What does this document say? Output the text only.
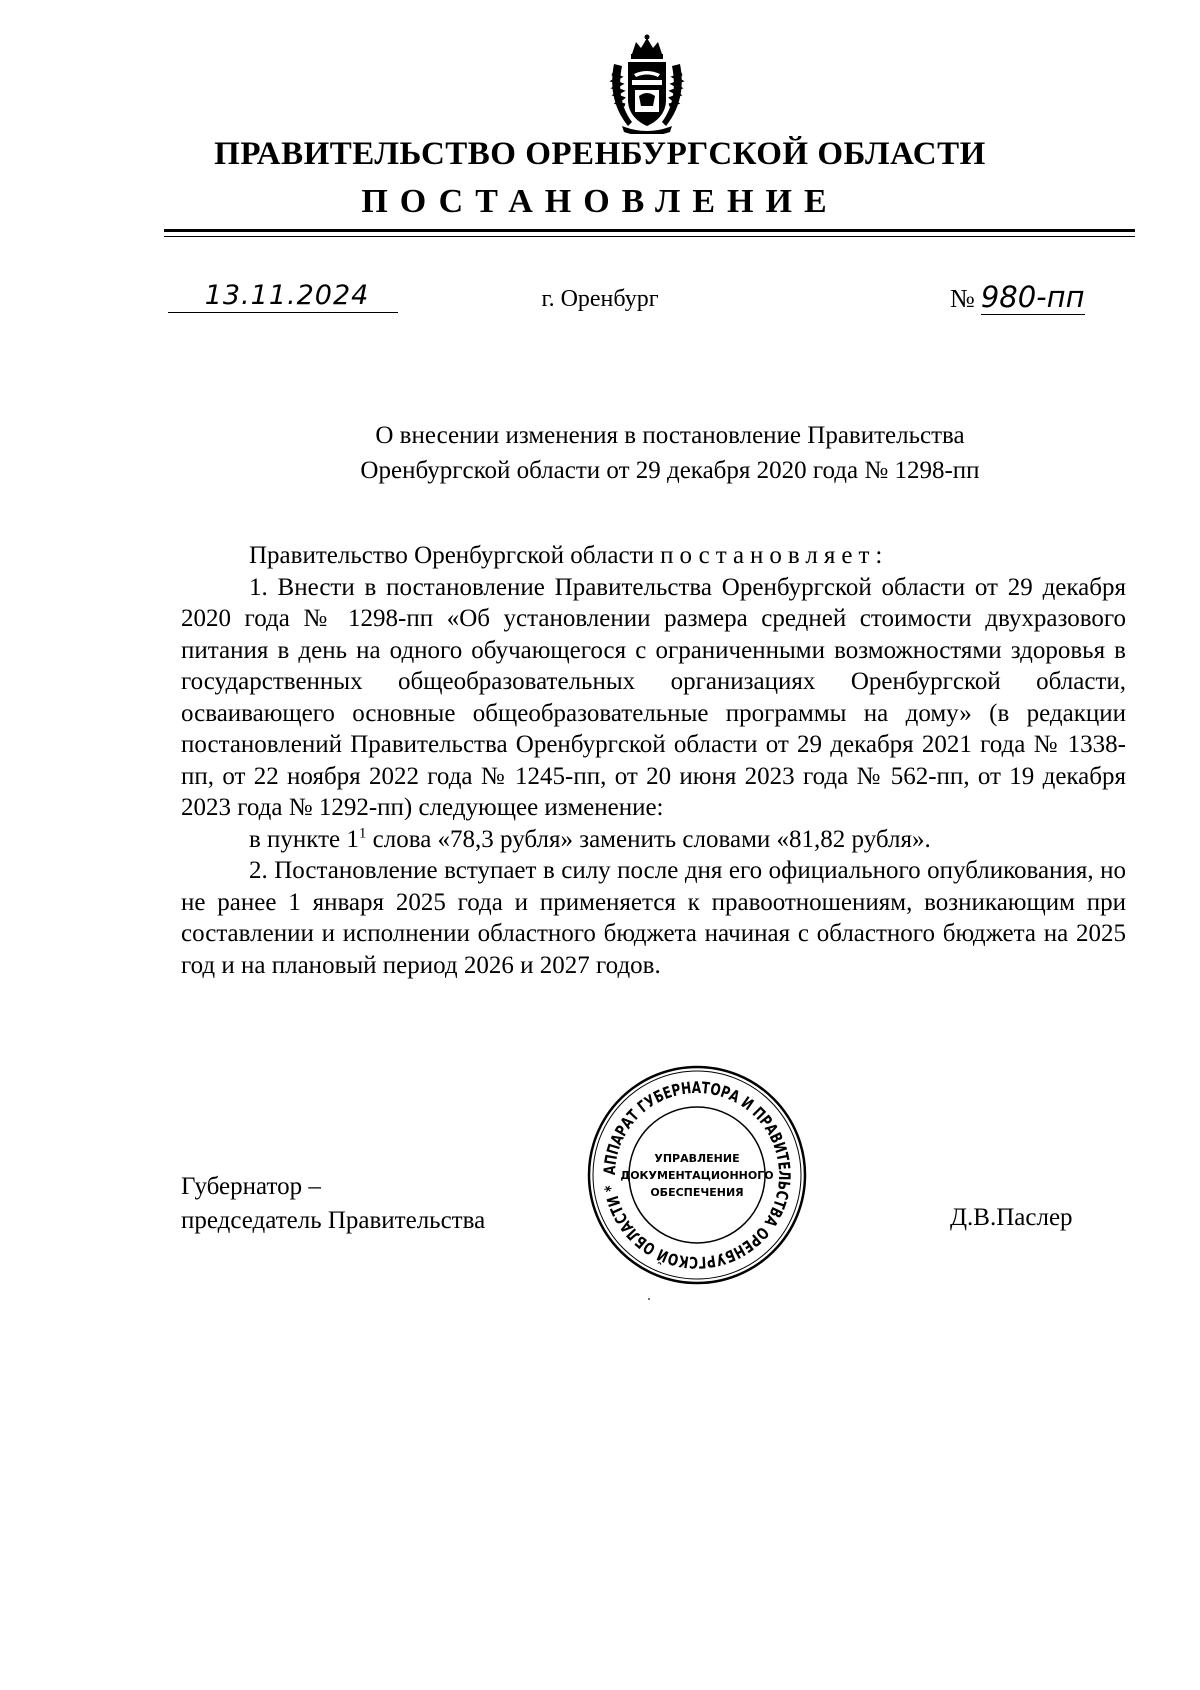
ПРАВИТЕЛЬСТВО ОРЕНБУРГСКОЙ ОБЛАСТИ
ПОСТАНОВЛЕНИЕ
13.11.2024	г. Оренбург	№ 980-пп
О внесении изменения в постановление Правительства
Оренбургской области от 29 декабря 2020 года № 1298-пп

Правительство Оренбургской области постановляет:

1. Внести в постановление Правительства Оренбургской области от 29 декабря 2020 года № 1298-пп «Об установлении размера средней стоимости двухразового питания в день на одного обучающегося с ограниченными возможностями здоровья в государственных общеобразовательных организациях Оренбургской области, осваивающего основные общеобразовательные программы на дому» (в редакции постановлений Правительства Оренбургской области от 29 декабря 2021 года № 1338-пп, от 22 ноября 2022 года № 1245-пп, от 20 июня 2023 года № 562-пп, от 19 декабря 2023 года № 1292-пп) следующее изменение:

в пункте $1^1$ слова «78,3 рубля» заменить словами «81,82 рубля».

2. Постановление вступает в силу после дня его официального опубликования, но не ранее 1 января 2025 года и применяется к правоотношениям, возникающим при составлении и исполнении областного бюджета начиная с областного бюджета на 2025 год и на плановый период 2026 и 2027 годов.

Губернатор –
председатель Правительства
АППАРАТ ГУБЕРНАТОРА И ПРАВИТЕЛЬСТВА ОРЕНБУРГСКОЙ ОБЛАСТИ *
УПРАВЛЕНИЕ
ДОКУМЕНТАЦИОННОГО
ОБЕСПЕЧЕНИЯ
Д.В.Паслер
